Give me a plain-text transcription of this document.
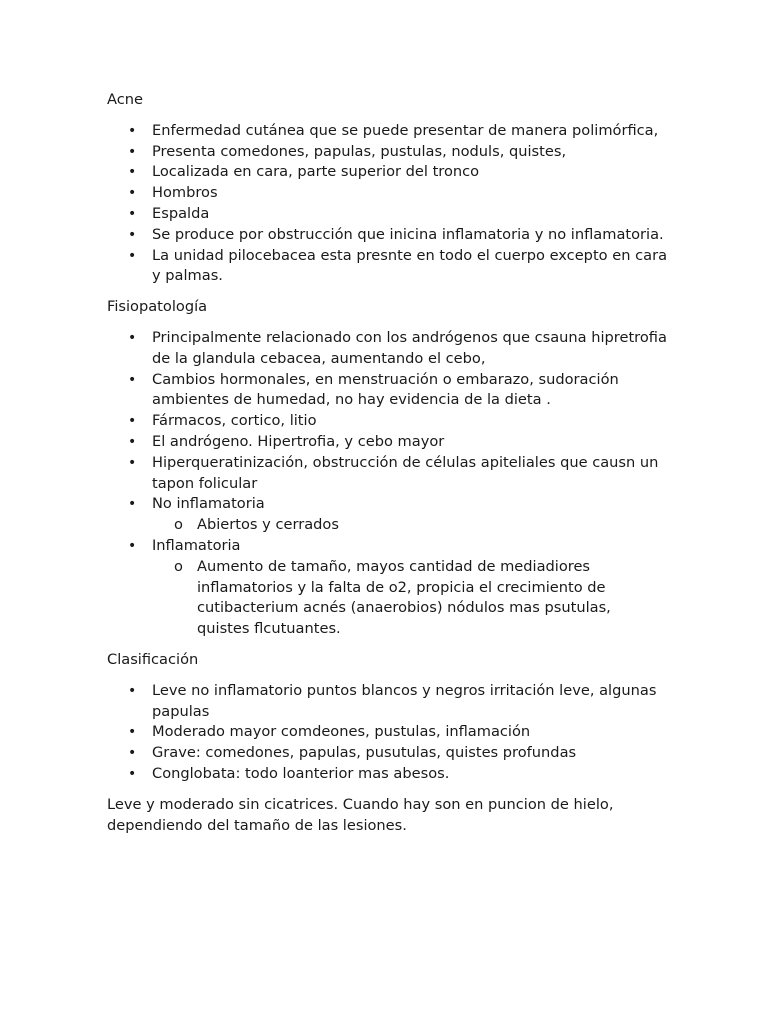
Acne

• Enfermedad cutánea que se puede presentar de manera polimórfica,
• Presenta comedones, papulas, pustulas, noduls, quistes,
• Localizada en cara, parte superior del tronco
• Hombros
• Espalda
• Se produce por obstrucción que inicina inflamatoria y no inflamatoria.
• La unidad pilocebacea esta presnte en todo el cuerpo excepto en cara y palmas.

Fisiopatología

• Principalmente relacionado con los andrógenos que csauna hipretrofia de la glandula cebacea, aumentando el cebo,
• Cambios hormonales, en menstruación o embarazo, sudoración ambientes de humedad, no hay evidencia de la dieta .
• Fármacos, cortico, litio
• El andrógeno. Hipertrofia, y cebo mayor
• Hiperqueratinización, obstrucción de células apiteliales que causn un tapon folicular
• No inflamatoria
o Abiertos y cerrados
• Inflamatoria
o Aumento de tamaño, mayos cantidad de mediadiores inflamatorios y la falta de o2, propicia el crecimiento de cutibacterium acnés (anaerobios) nódulos mas psutulas, quistes flcutuantes.

Clasificación

• Leve no inflamatorio puntos blancos y negros irritación leve, algunas papulas
• Moderado mayor comdeones, pustulas, inflamación
• Grave: comedones, papulas, pusutulas, quistes profundas
• Conglobata: todo loanterior mas abesos.

Leve y moderado sin cicatrices. Cuando hay son en puncion de hielo, dependiendo del tamaño de las lesiones.
